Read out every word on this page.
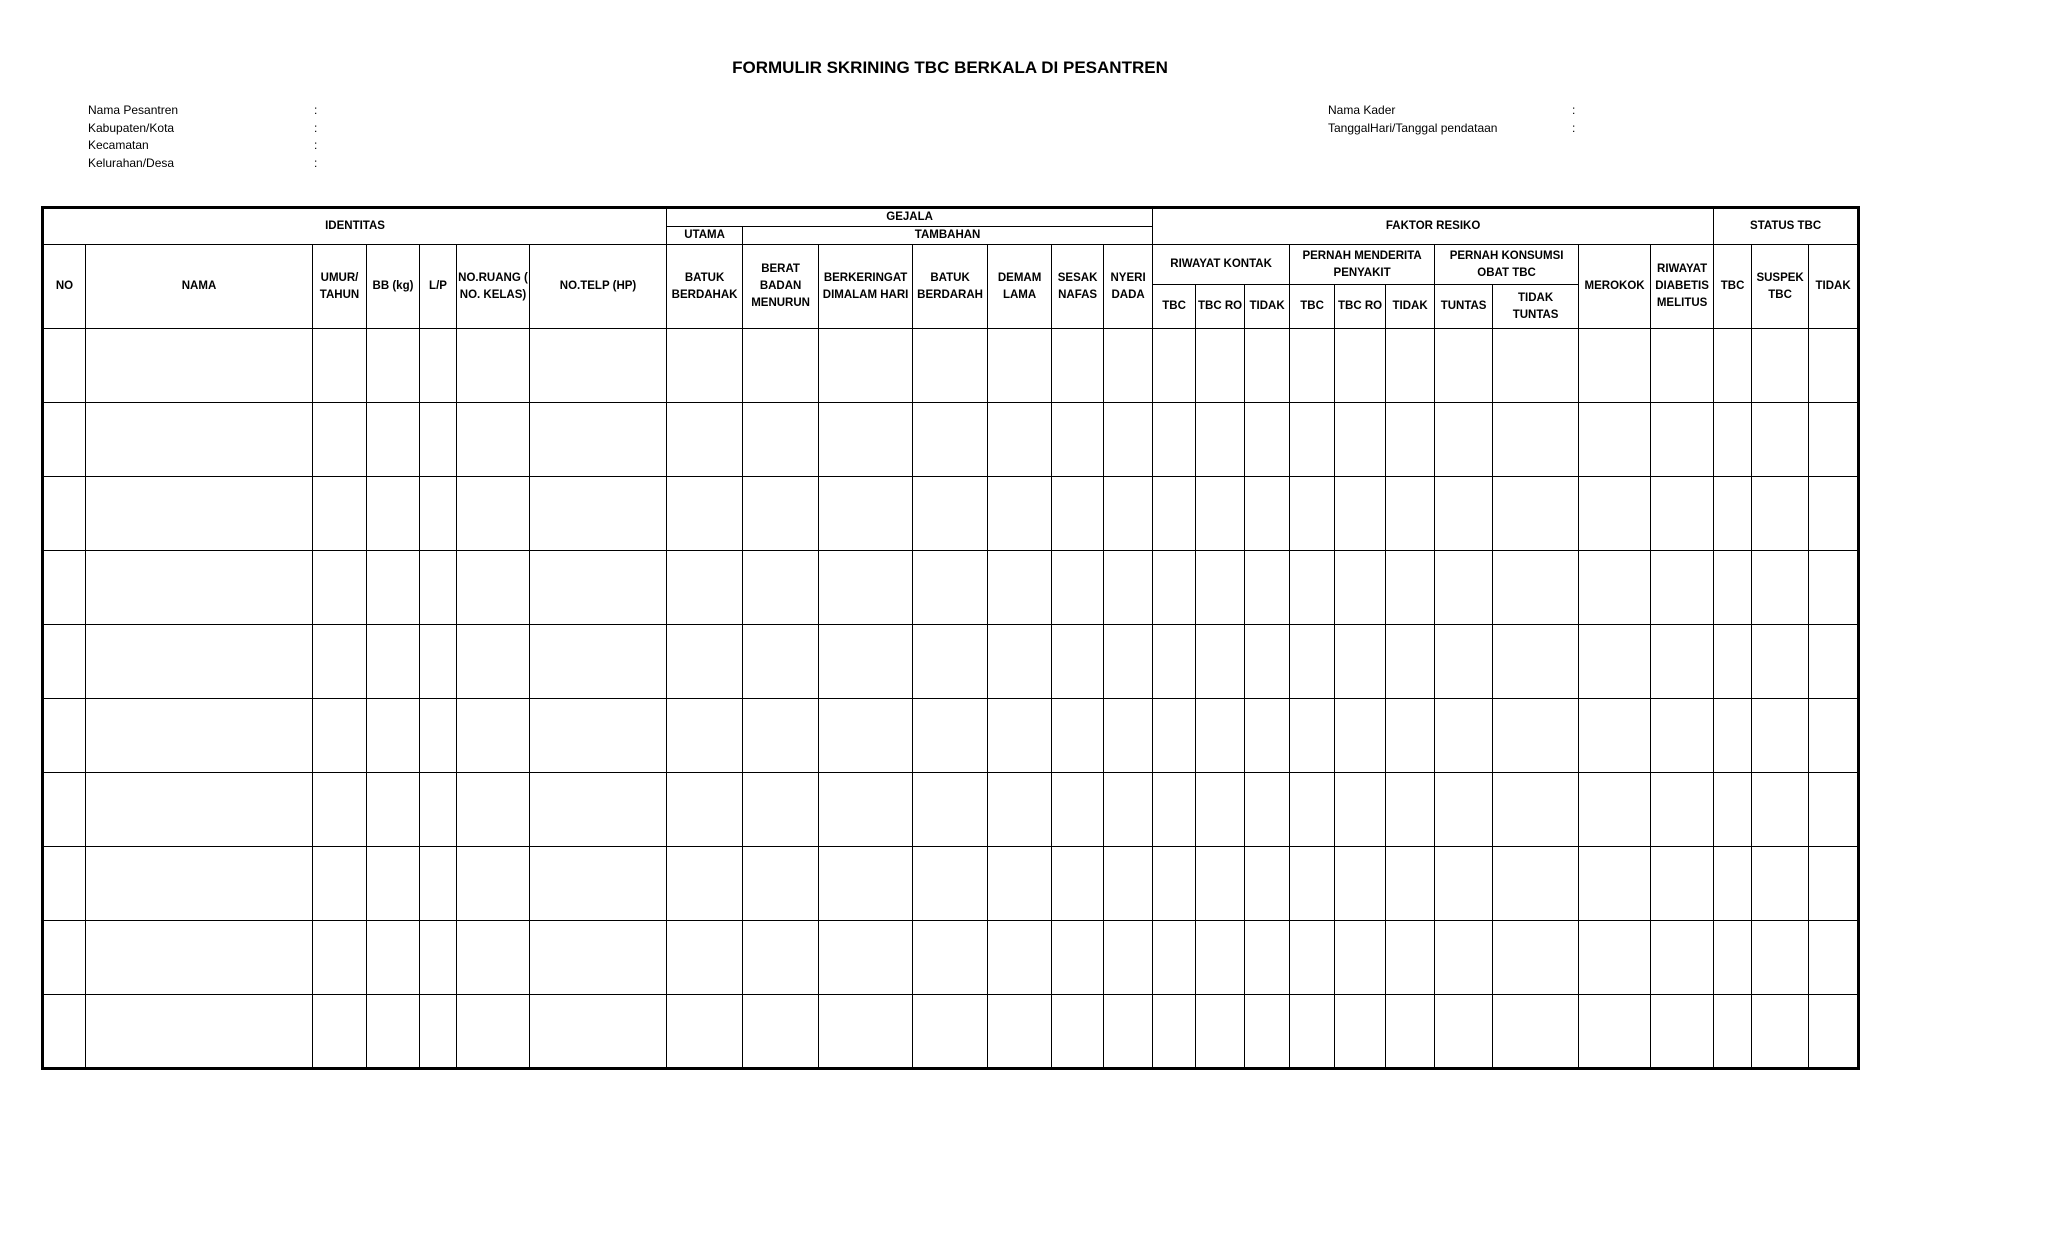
FORMULIR SKRINING TBC BERKALA DI PESANTREN
Nama Pesantren	:
Kabupaten/Kota	:
Kecamatan	:
Kelurahan/Desa	:
Nama Kader	:
TanggalHari/Tanggal pendataan	:
IDENTITAS							GEJALA							FAKTOR RESIKO										STATUS TBC		
							UTAMA	TAMBAHAN																		
NO	NAMA	UMUR/ TAHUN	BB (kg)	L/P	NO.RUANG ( NO. KELAS)	NO.TELP (HP)	BATUK BERDAHAK	BERAT BADAN MENURUN	BERKERINGAT DIMALAM HARI	BATUK BERDARAH	DEMAM LAMA	SESAK NAFAS	NYERI DADA	RIWAYAT KONTAK			PERNAH MENDERITA PENYAKIT			PERNAH KONSUMSI OBAT TBC		MEROKOK	RIWAYAT DIABETIS MELITUS	TBC	SUSPEK TBC	TIDAK
														TBC	TBC RO	TIDAK	TBC	TBC RO	TIDAK	TUNTAS	TIDAK TUNTAS					
